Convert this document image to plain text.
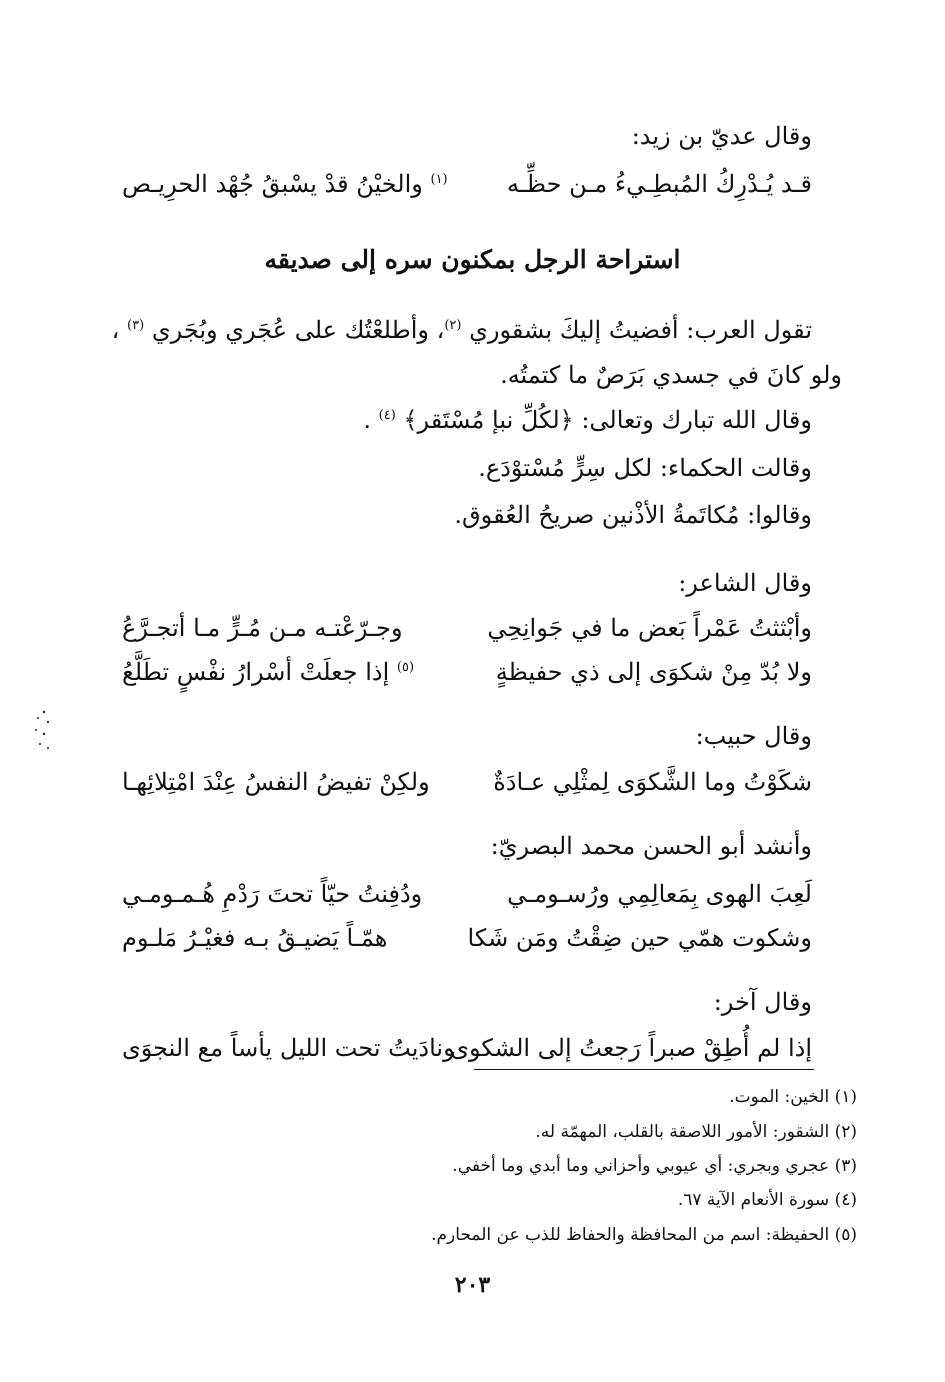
وقال عديّ بن زيد:
قـد يُـدْرِكُ المُبطِـيءُ مـن حظِّـه
$^{(١)}$ والخيْنُ قدْ يسْبقُ جُهْد الحرِيـص
استراحة الرجل بمكنون سره إلى صديقه
تقول العرب: أفضيتُ إليكَ بشقوري $^{(٢)}$، وأطلعْتُك على عُجَري وبُجَري $^{(٣)}$ ،
ولو كانَ في جسدي بَرَصٌ ما كتمتُه.
وقال الله تبارك وتعالى: ﴿لكُلِّ نبإ مُسْتَقر﴾ $^{(٤)}$ .
وقالت الحكماء: لكل سِرٍّ مُسْتوْدَع.
وقالوا: مُكاتَمةُ الأذْنين صريحُ العُقوق.
وقال الشاعر:
وأبْثثتُ عَمْراً بَعض ما في جَوانِحِي
وجـرّعْتـه مـن مُـرٍّ مـا أتجـرَّعُ
ولا بُدّ مِنْ شكوَى إلى ذي حفيظةٍ
$^{(٥)}$ إذا جعلَتْ أسْرارُ نفْسٍ تطَلَّعُ
وقال حبيب:
شكَوْتُ وما الشَّكوَى لِمثْلِي عـادَةٌ
ولكِنْ تفيضُ النفسُ عِنْدَ امْتِلائِهـا
وأنشد أبو الحسن محمد البصريّ:
لَعِبَ الهوى بِمَعالِمِي ورُسـومـي
ودُفِنتُ حيّاً تحتَ رَدْمِ هُـمـومـي
وشكوت همّي حين ضِقْتُ ومَن شَكا
همّـاً يَضيـقُ بـه فغيْـرُ مَلـوم
وقال آخر:
إذا لم أُطِقْ صبراً رَجعتُ إلى الشكوى
ونادَيتُ تحت الليل يأساً مع النجوَى
(١) الخين: الموت.
(٢) الشقور: الأمور اللاصقة بالقلب، المهمّة له.
(٣) عجري وبجري: أي عيوبي وأحزاني وما أبدي وما أخفي.
(٤) سورة الأنعام الآية ٦٧.
(٥) الحفيظة: اسم من المحافظة والحفاظ للذب عن المحارم.
٢٠٣
